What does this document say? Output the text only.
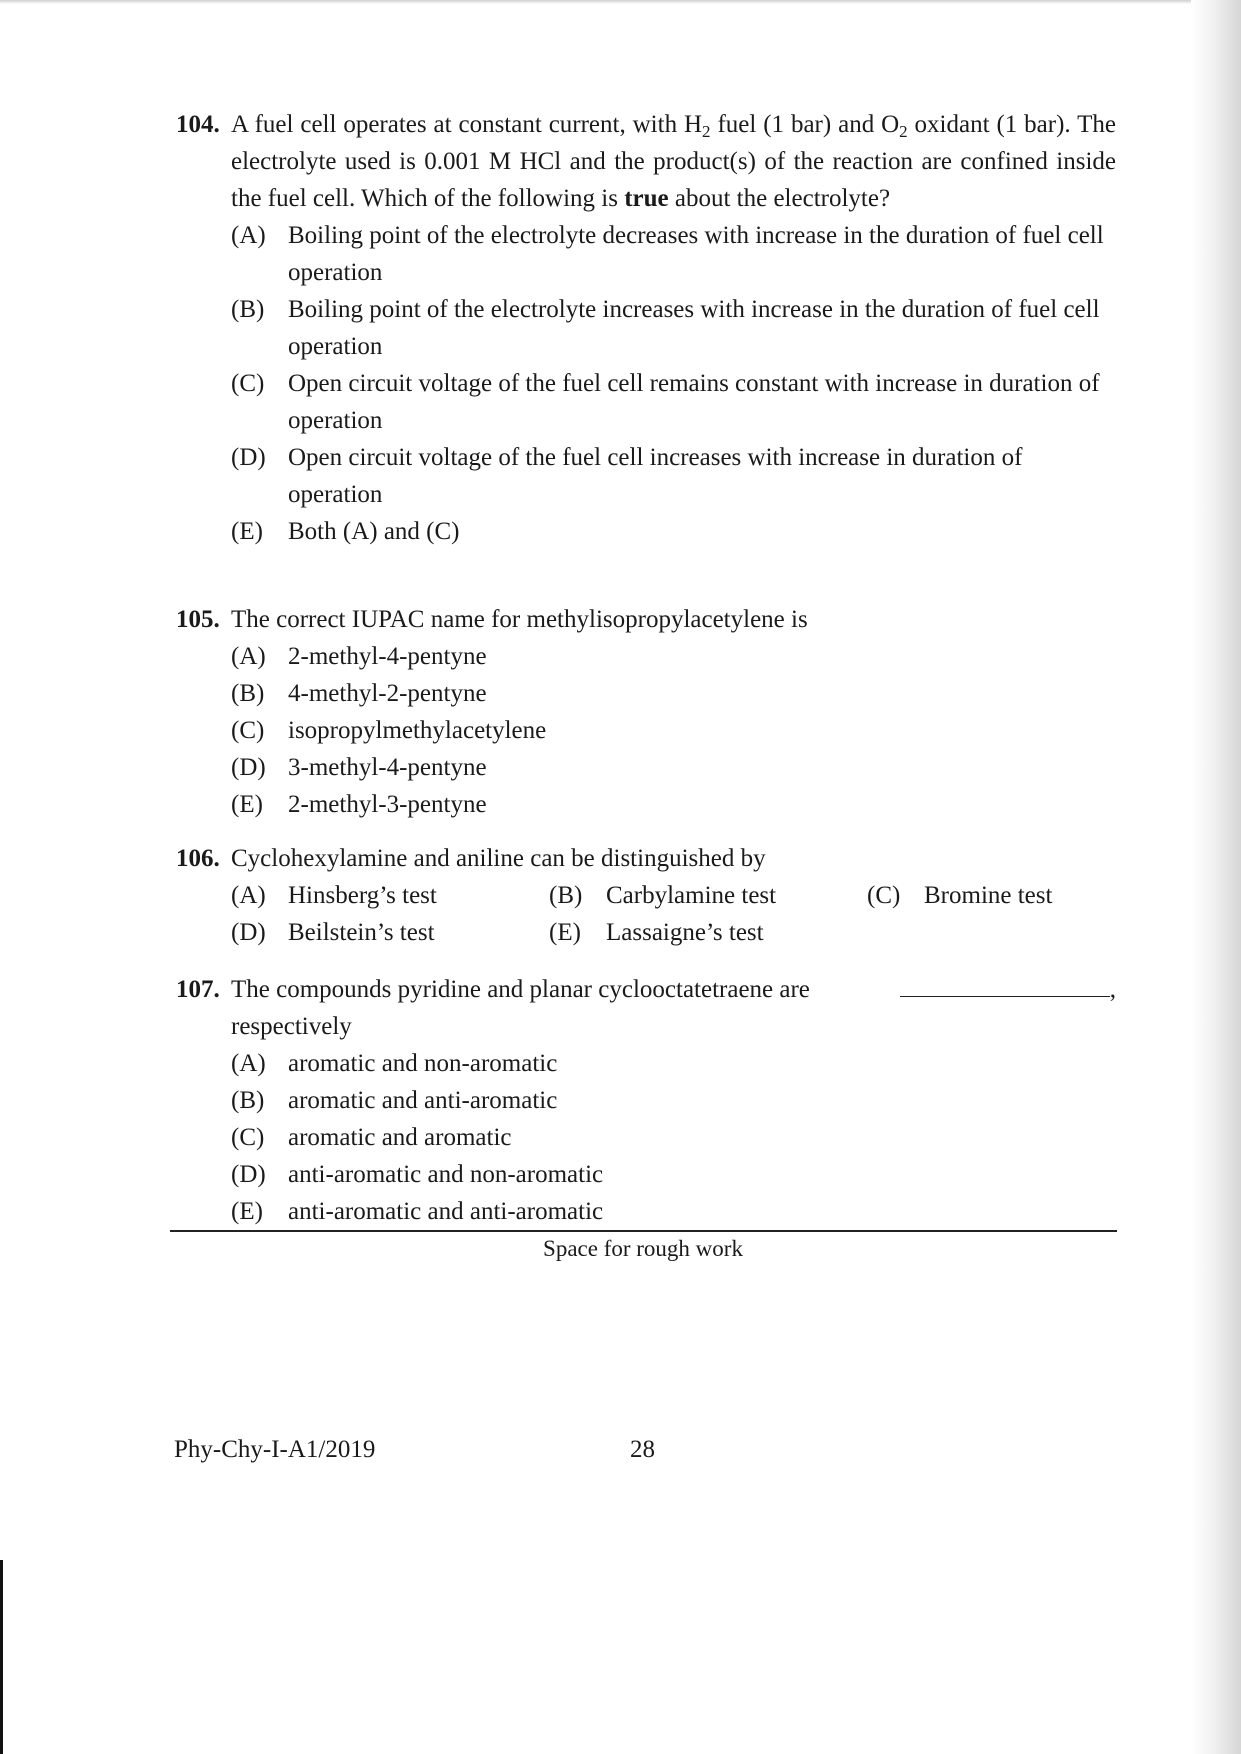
104. A fuel cell operates at constant current, with $H_2$ fuel (1 bar) and $O_2$ oxidant (1 bar). The electrolyte used is 0.001 M HCl and the product(s) of the reaction are confined inside the fuel cell. Which of the following is true about the electrolyte?
(A) Boiling point of the electrolyte decreases with increase in the duration of fuel cell operation
(B) Boiling point of the electrolyte increases with increase in the duration of fuel cell operation
(C) Open circuit voltage of the fuel cell remains constant with increase in duration of operation
(D) Open circuit voltage of the fuel cell increases with increase in duration of operation
(E) Both (A) and (C)
105. The correct IUPAC name for methylisopropylacetylene is
(A) 2-methyl-4-pentyne
(B) 4-methyl-2-pentyne
(C) isopropylmethylacetylene
(D) 3-methyl-4-pentyne
(E) 2-methyl-3-pentyne
106. Cyclohexylamine and aniline can be distinguished by
(A) Hinsberg’s test	(B) Carbylamine test	(C) Bromine test
(D) Beilstein’s test	(E) Lassaigne’s test
107. The compounds pyridine and planar cyclooctatetraene are	,
respectively
(A) aromatic and non-aromatic
(B) aromatic and anti-aromatic
(C) aromatic and aromatic
(D) anti-aromatic and non-aromatic
(E) anti-aromatic and anti-aromatic
Space for rough work
Phy-Chy-I-A1/2019	28
